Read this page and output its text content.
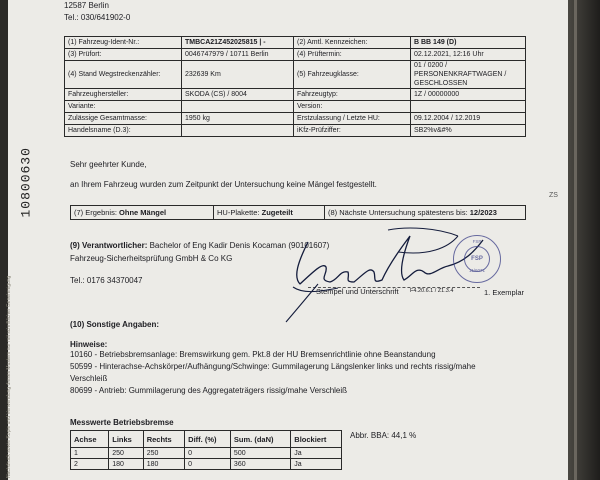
12587 Berlin
Tel.: 030/641902-0
10800630
Nachdruck sowie Kopie und Verwendung dieses Musters nur mit schriftlicher Genehmigung
(1) Fahrzeug-Ident-Nr.:	TMBCA21Z452025815 | -	(2) Amtl. Kennzeichen:	B BB 149 (D)
(3) Prüfort:	0046747979 / 10711 Berlin	(4) Prüftermin:	02.12.2021, 12:16 Uhr
(4) Stand Wegstreckenzähler:	232639 Km	(5) Fahrzeugklasse:	01 / 0200 / PERSONENKRAFTWAGEN / GESCHLOSSEN
Fahrzeughersteller:	SKODA (CS) / 8004	Fahrzeugtyp:	1Z / 00000000
Variante:		Version:	
Zulässige Gesamtmasse:	1950 kg	Erstzulassung / Letzte HU:	09.12.2004 / 12.2019
Handelsname (D.3):		iKfz-Prüfziffer:	SB2%v&#%
Sehr geehrter Kunde,
an Ihrem Fahrzeug wurden zum Zeitpunkt der Untersuchung keine Mängel festgestellt.
(7) Ergebnis: Ohne Mängel	HU-Plakette: Zugeteilt	(8) Nächste Untersuchung spätestens bis: 12/2023
(9) Verantwortlicher: Bachelor of Eng Kadir Denis Kocaman (90101607)
Fahrzeug-Sicherheitsprüfung GmbH & Co KG
Tel.: 0176 34370047
Stempel und Unterschrift F4.20.6.1 / Z1.3.4	1. Exemplar
FSP
FSP
11/6071
(10) Sonstige Angaben:
Hinweise:
10160 - Betriebsbremsanlage: Bremswirkung gem. Pkt.8 der HU Bremsenrichtlinie ohne Beanstandung
50599 - Hinterachse-Achskörper/Aufhängung/Schwinge: Gummilagerung Längslenker links und rechts rissig/mahe
Verschleiß
80699 - Antrieb: Gummilagerung des Aggregateträgers rissig/mahe Verschleiß
Messwerte Betriebsbremse
Achse	Links	Rechts	Diff. (%)	Sum. (daN)	Blockiert
1	250	250	0	500	Ja
2	180	180	0	360	Ja
Abbr. BBA: 44,1 %
ZS
